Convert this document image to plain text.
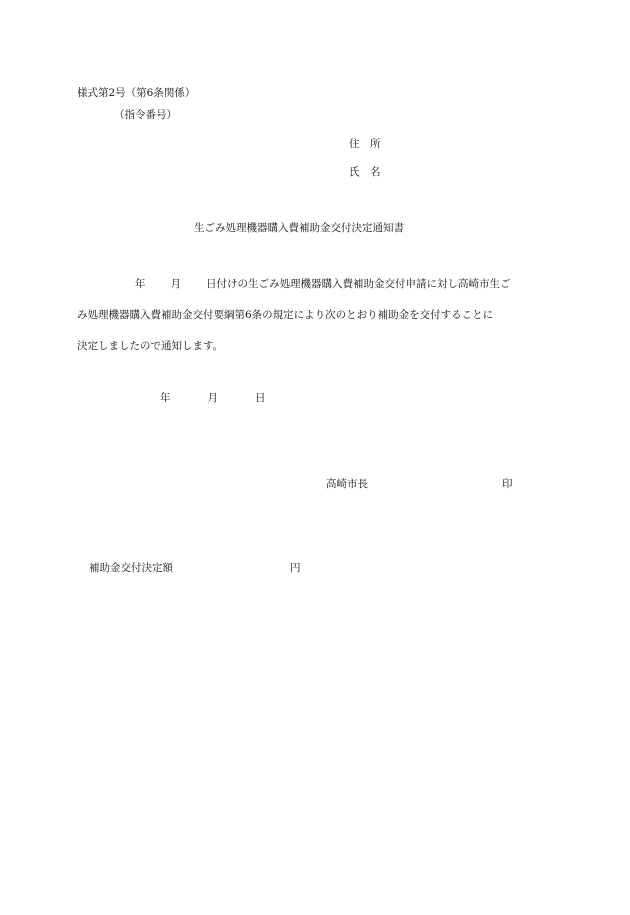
様式第2号（第6条関係）
（指令番号）
住　所
氏　名
生ごみ処理機器購入費補助金交付決定通知書
年 月 日付けの生ごみ処理機器購入費補助金交付申請に対し高崎市生ご
み処理機器購入費補助金交付要綱第6条の規定により次のとおり補助金を交付することに
決定しましたので通知します。
年	月	日
高崎市長	印
補助金交付決定額	円
